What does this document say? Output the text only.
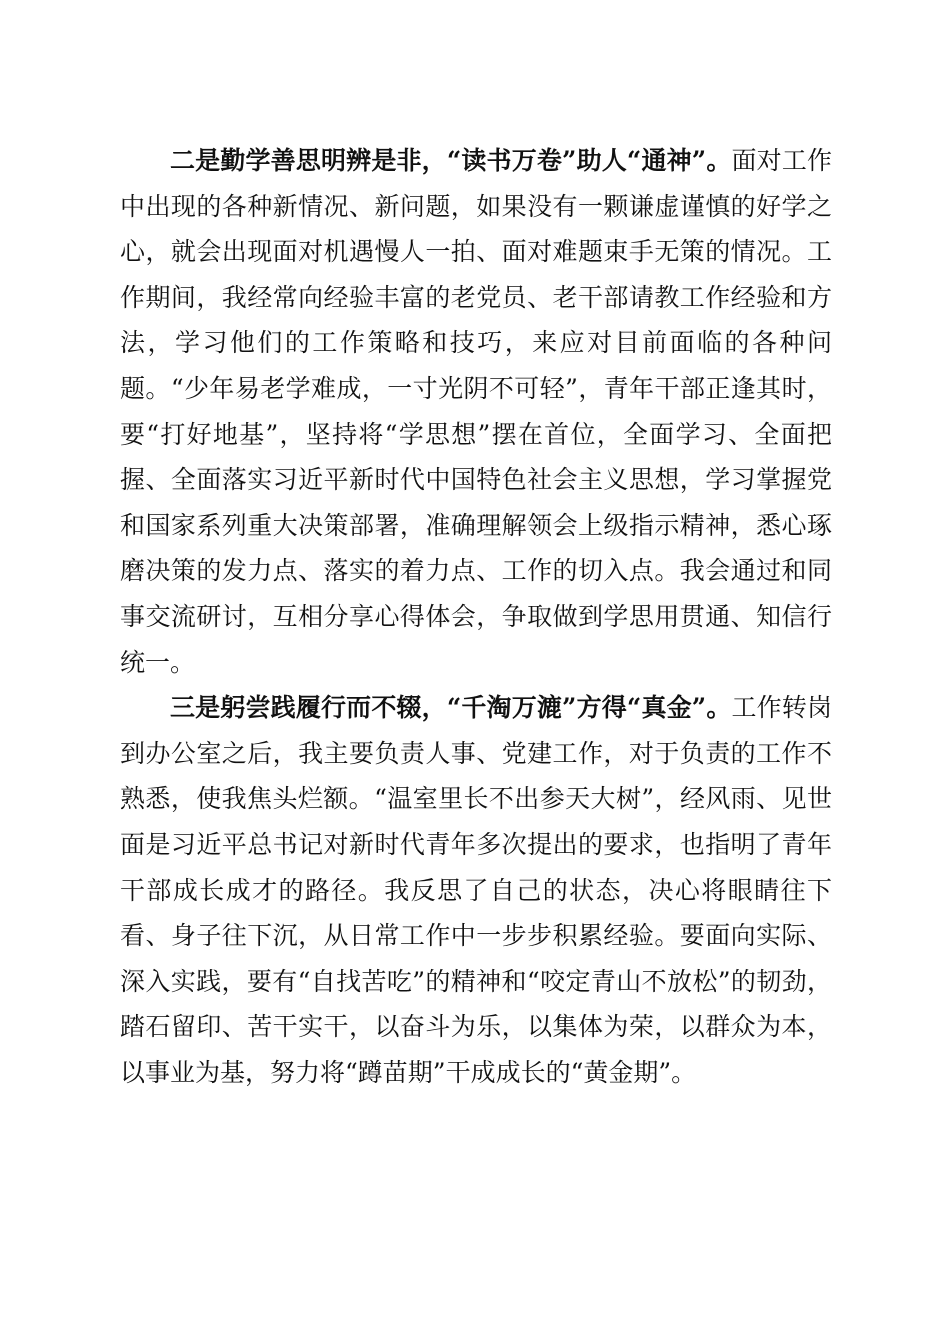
二是勤学善思明辨是非，“读书万卷”助人“通神”。面对工作中出现的各种新情况、新问题，如果没有一颗谦虚谨慎的好学之心，就会出现面对机遇慢人一拍、面对难题束手无策的情况。工作期间，我经常向经验丰富的老党员、老干部请教工作经验和方法，学习他们的工作策略和技巧，来应对目前面临的各种问题。“少年易老学难成，一寸光阴不可轻”，青年干部正逢其时，要“打好地基”，坚持将“学思想”摆在首位，全面学习、全面把握、全面落实习近平新时代中国特色社会主义思想，学习掌握党和国家系列重大决策部署，准确理解领会上级指示精神，悉心琢磨决策的发力点、落实的着力点、工作的切入点。我会通过和同事交流研讨，互相分享心得体会，争取做到学思用贯通、知信行统一。

三是躬尝践履行而不辍，“千淘万漉”方得“真金”。工作转岗到办公室之后，我主要负责人事、党建工作，对于负责的工作不熟悉，使我焦头烂额。“温室里长不出参天大树”，经风雨、见世面是习近平总书记对新时代青年多次提出的要求，也指明了青年干部成长成才的路径。我反思了自己的状态，决心将眼睛往下看、身子往下沉，从日常工作中一步步积累经验。要面向实际、深入实践，要有“自找苦吃”的精神和“咬定青山不放松”的韧劲，踏石留印、苦干实干，以奋斗为乐，以集体为荣，以群众为本，以事业为基，努力将“蹲苗期”干成成长的“黄金期”。
